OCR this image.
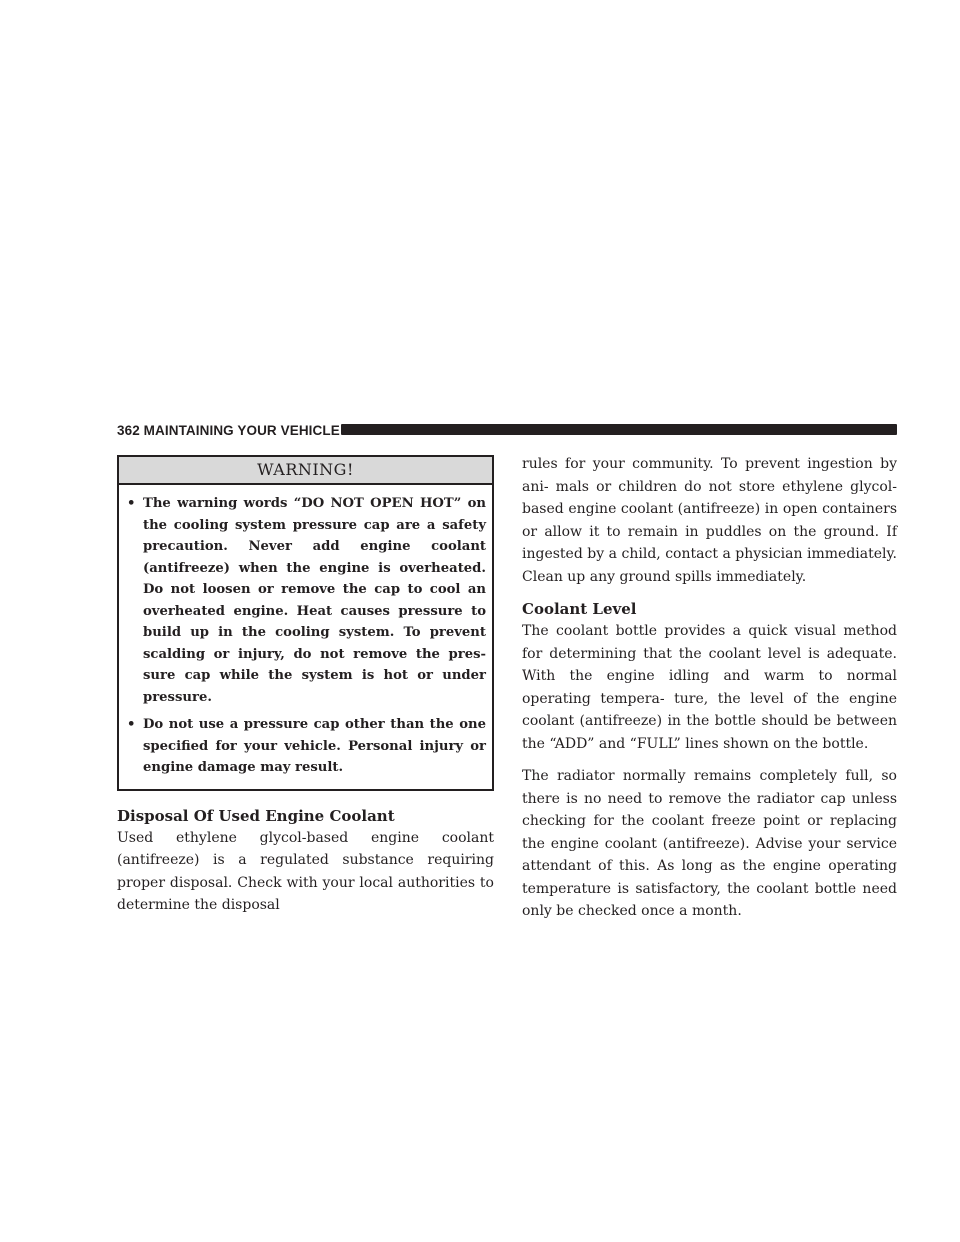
362 MAINTAINING YOUR VEHICLE
WARNING!
• The warning words “DO NOT OPEN HOT” on the cooling system pressure cap are a safety precaution. Never add engine coolant (antifreeze) when the engine is overheated. Do not loosen or remove the cap to cool an overheated engine. Heat causes pressure to build up in the cooling system. To prevent scalding or injury, do not remove the pres- sure cap while the system is hot or under pressure.
• Do not use a pressure cap other than the one specified for your vehicle. Personal injury or engine damage may result.
Disposal Of Used Engine Coolant

Used ethylene glycol-based engine coolant (antifreeze) is a regulated substance requiring proper disposal. Check with your local authorities to determine the disposal

rules for your community. To prevent ingestion by ani- mals or children do not store ethylene glycol-based engine coolant (antifreeze) in open containers or allow it to remain in puddles on the ground. If ingested by a child, contact a physician immediately. Clean up any ground spills immediately.

Coolant Level

The coolant bottle provides a quick visual method for determining that the coolant level is adequate. With the engine idling and warm to normal operating tempera- ture, the level of the engine coolant (antifreeze) in the bottle should be between the “ADD” and “FULL” lines shown on the bottle.

The radiator normally remains completely full, so there is no need to remove the radiator cap unless checking for the coolant freeze point or replacing the engine coolant (antifreeze). Advise your service attendant of this. As long as the engine operating temperature is satisfactory, the coolant bottle need only be checked once a month.
